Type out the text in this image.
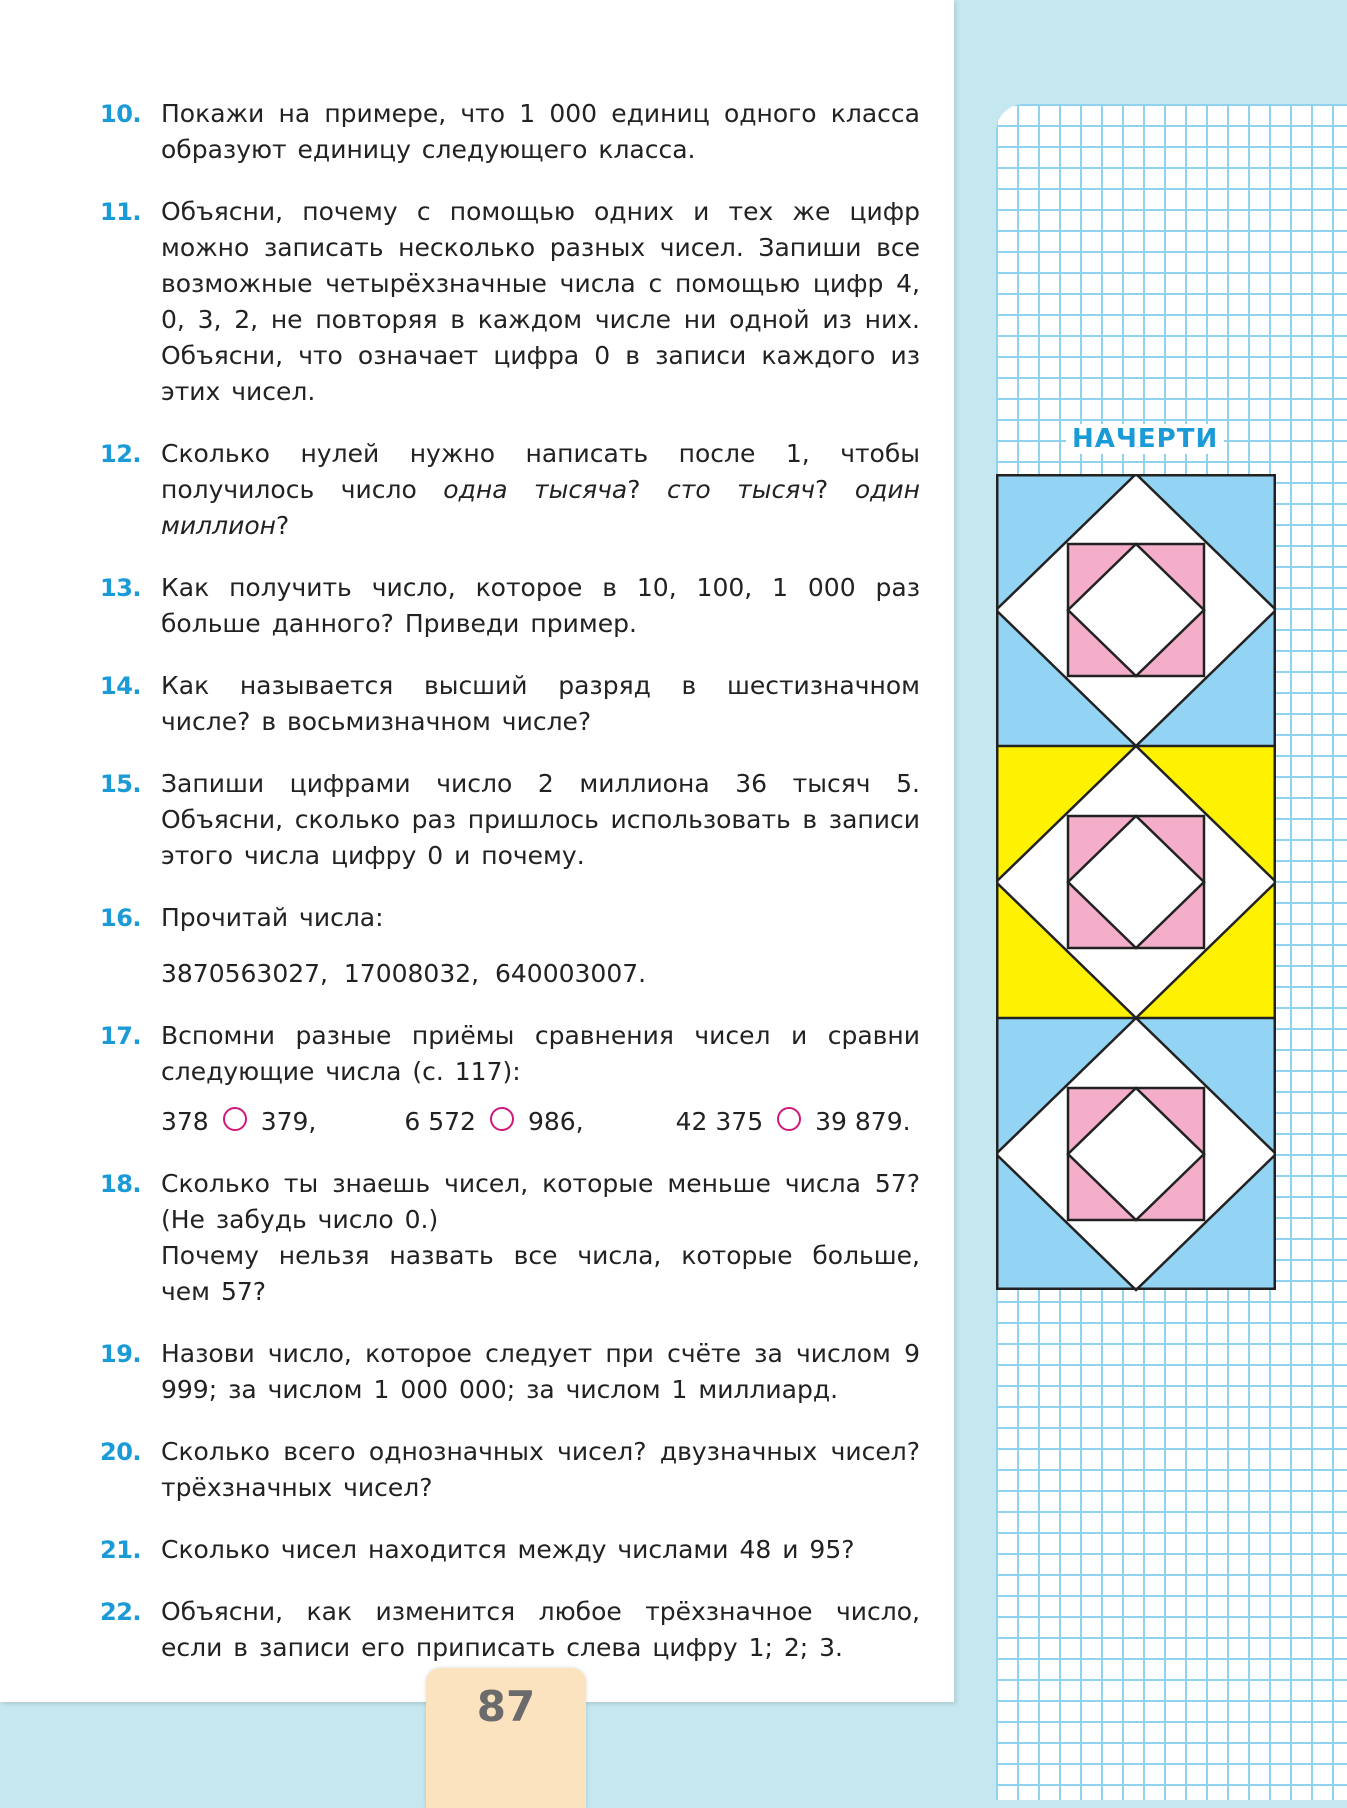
10. Покажи на примере, что 1 000 единиц одного класса образуют единицу следующего класса.
11. Объясни, почему с помощью одних и тех же цифр можно записать несколько разных чисел. Запиши все возможные четырёхзначные числа с помощью цифр 4, 0, 3, 2, не повторяя в каждом числе ни одной из них. Объясни, что означает цифра 0 в записи каждого из этих чисел.
12. Сколько нулей нужно написать после 1, чтобы получилось число одна тысяча? сто тысяч? один миллион?
13. Как получить число, которое в 10, 100, 1 000 раз больше данного? Приведи пример.
14. Как называется высший разряд в шестизначном числе? в восьмизначном числе?
15. Запиши цифрами число 2 миллиона 36 тысяч 5. Объясни, сколько раз пришлось использовать в записи этого числа цифру 0 и почему.
16. Прочитай числа:
3870563027,  17008032,  640003007.
17. Вспомни разные приёмы сравнения чисел и сравни следующие числа (с. 117):
378 379,	6 572 986,	42 375 39 879.
18. Сколько ты знаешь чисел, которые меньше числа 57? (Не забудь число 0.)
Почему нельзя назвать все числа, которые больше, чем 57?
19. Назови число, которое следует при счёте за числом 9 999; за числом 1 000 000; за числом 1 миллиард.
20. Сколько всего однозначных чисел? двузначных чисел? трёхзначных чисел?
21. Сколько чисел находится между числами 48 и 95?
22. Объясни, как изменится любое трёхзначное число, если в записи его приписать слева цифру 1; 2; 3.
87
НАЧЕРТИ
